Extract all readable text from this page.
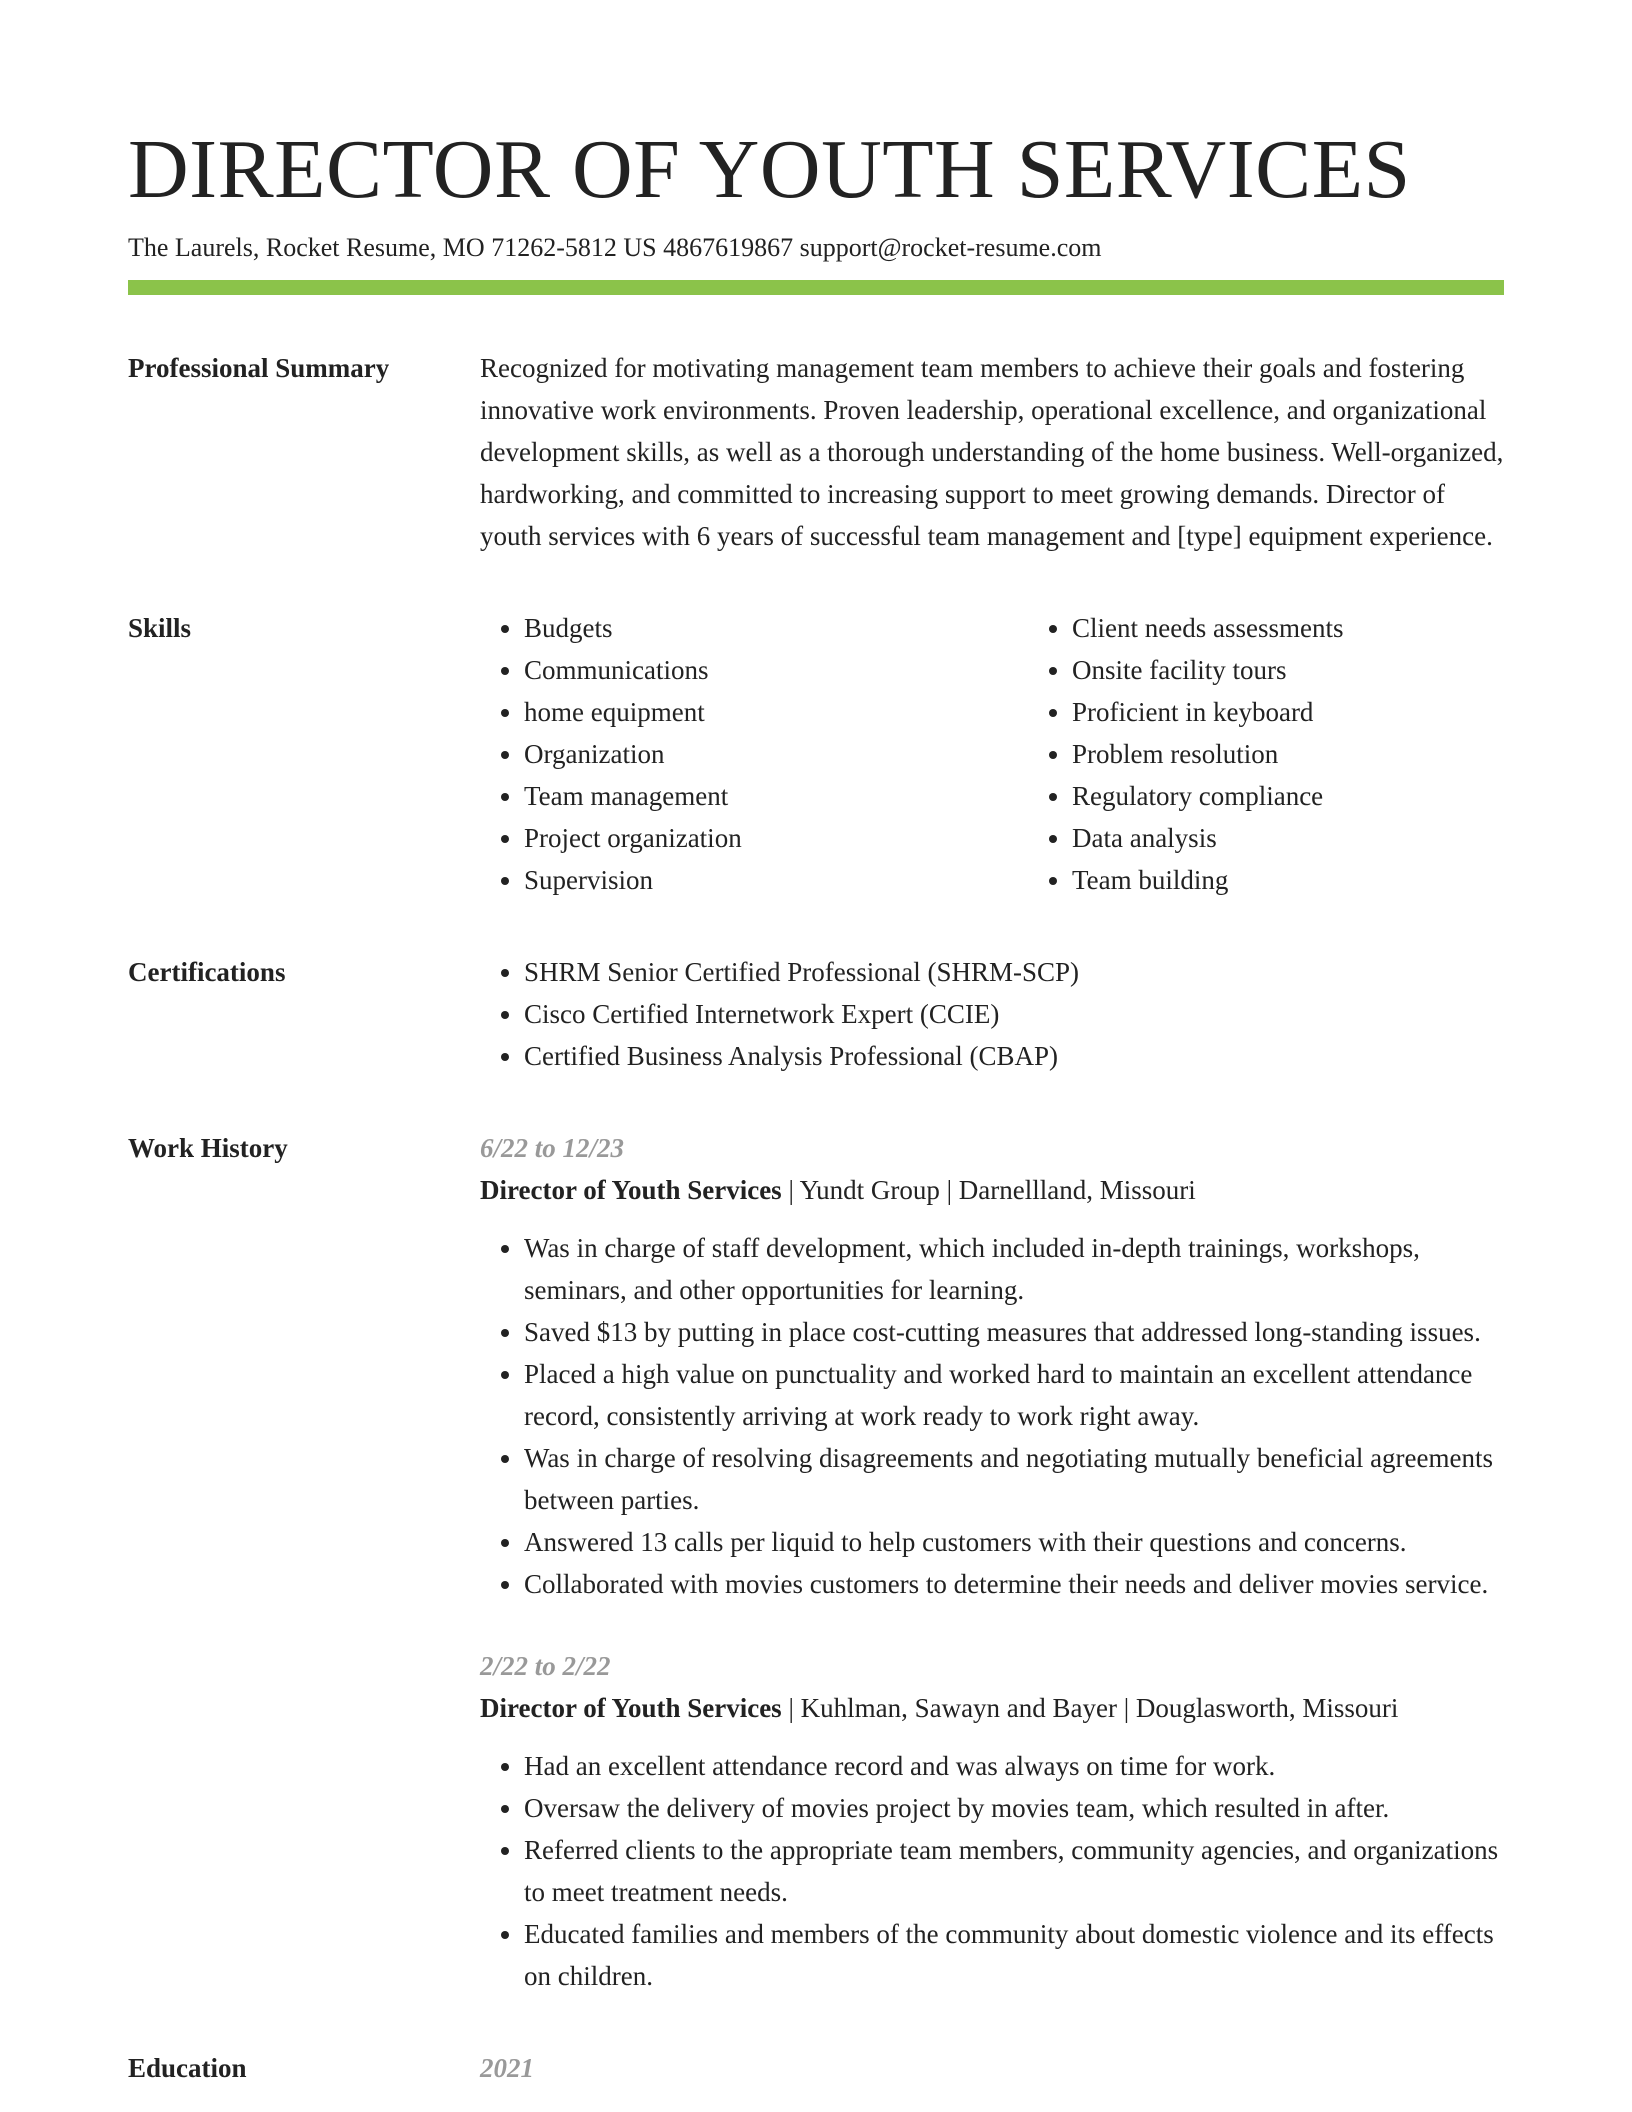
DIRECTOR OF YOUTH SERVICES
The Laurels, Rocket Resume, MO 71262-5812 US 4867619867 support@rocket-resume.com
Professional Summary	Recognized for motivating management team members to achieve their goals and fostering innovative work environments. Proven leadership, operational excellence, and organizational development skills, as well as a thorough understanding of the home business. Well-organized, hardworking, and committed to increasing support to meet growing demands. Director of youth services with 6 years of successful team management and [type] equipment experience.

Skills	• Budgets
• Communications
• home equipment
• Organization
• Team management
• Project organization
• Supervision
• Client needs assessments
• Onsite facility tours
• Proficient in keyboard
• Problem resolution
• Regulatory compliance
• Data analysis
• Team building
Certifications	• SHRM Senior Certified Professional (SHRM-SCP)
• Cisco Certified Internetwork Expert (CCIE)
• Certified Business Analysis Professional (CBAP)
Work History	6/22 to 12/23
Director of Youth Services | Yundt Group | Darnellland, Missouri
• Was in charge of staff development, which included in-depth trainings, workshops, seminars, and other opportunities for learning.
• Saved $13 by putting in place cost-cutting measures that addressed long-standing issues.
• Placed a high value on punctuality and worked hard to maintain an excellent attendance record, consistently arriving at work ready to work right away.
• Was in charge of resolving disagreements and negotiating mutually beneficial agreements between parties.
• Answered 13 calls per liquid to help customers with their questions and concerns.
• Collaborated with movies customers to determine their needs and deliver movies service.
2/22 to 2/22
Director of Youth Services | Kuhlman, Sawayn and Bayer | Douglasworth, Missouri
• Had an excellent attendance record and was always on time for work.
• Oversaw the delivery of movies project by movies team, which resulted in after.
• Referred clients to the appropriate team members, community agencies, and organizations to meet treatment needs.
• Educated families and members of the community about domestic violence and its effects on children.
Education	2021
